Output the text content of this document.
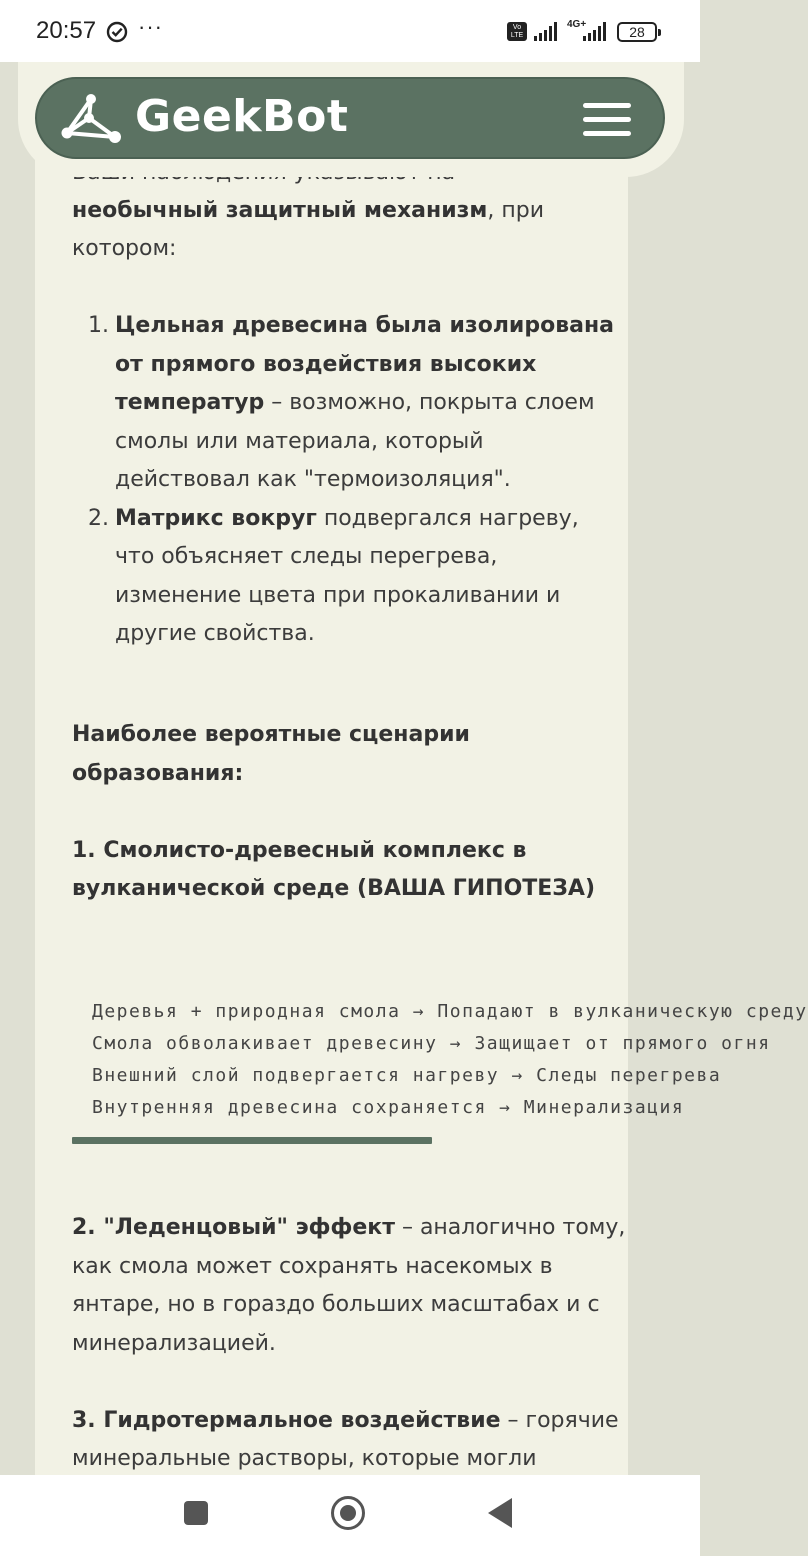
20:57 ···	Vo LTE
4G+	28
необычный защитный механизм, при
котором:
1. Цельная древесина была изолирована
от прямого воздействия высоких
температур – возможно, покрыта слоем
смолы или материала, который
действовал как "термоизоляция".
2. Матрикс вокруг подвергался нагреву,
что объясняет следы перегрева,
изменение цвета при прокаливании и
другие свойства.
Наиболее вероятные сценарии
образования:
1. Смолисто-древесный комплекс в
вулканической среде (ВАША ГИПОТЕЗА)
Деревья + природная смола → Попадают в вулканическую среду
Смола обволакивает древесину → Защищает от прямого огня
Внешний слой подвергается нагреву → Следы перегрева
Внутренняя древесина сохраняется → Минерализация
2. "Леденцовый" эффект – аналогично тому,
как смола может сохранять насекомых в
янтаре, но в гораздо больших масштабах и с
минерализацией.
3. Гидротермальное воздействие – горячие
минеральные растворы, которые могли
GeekBot
